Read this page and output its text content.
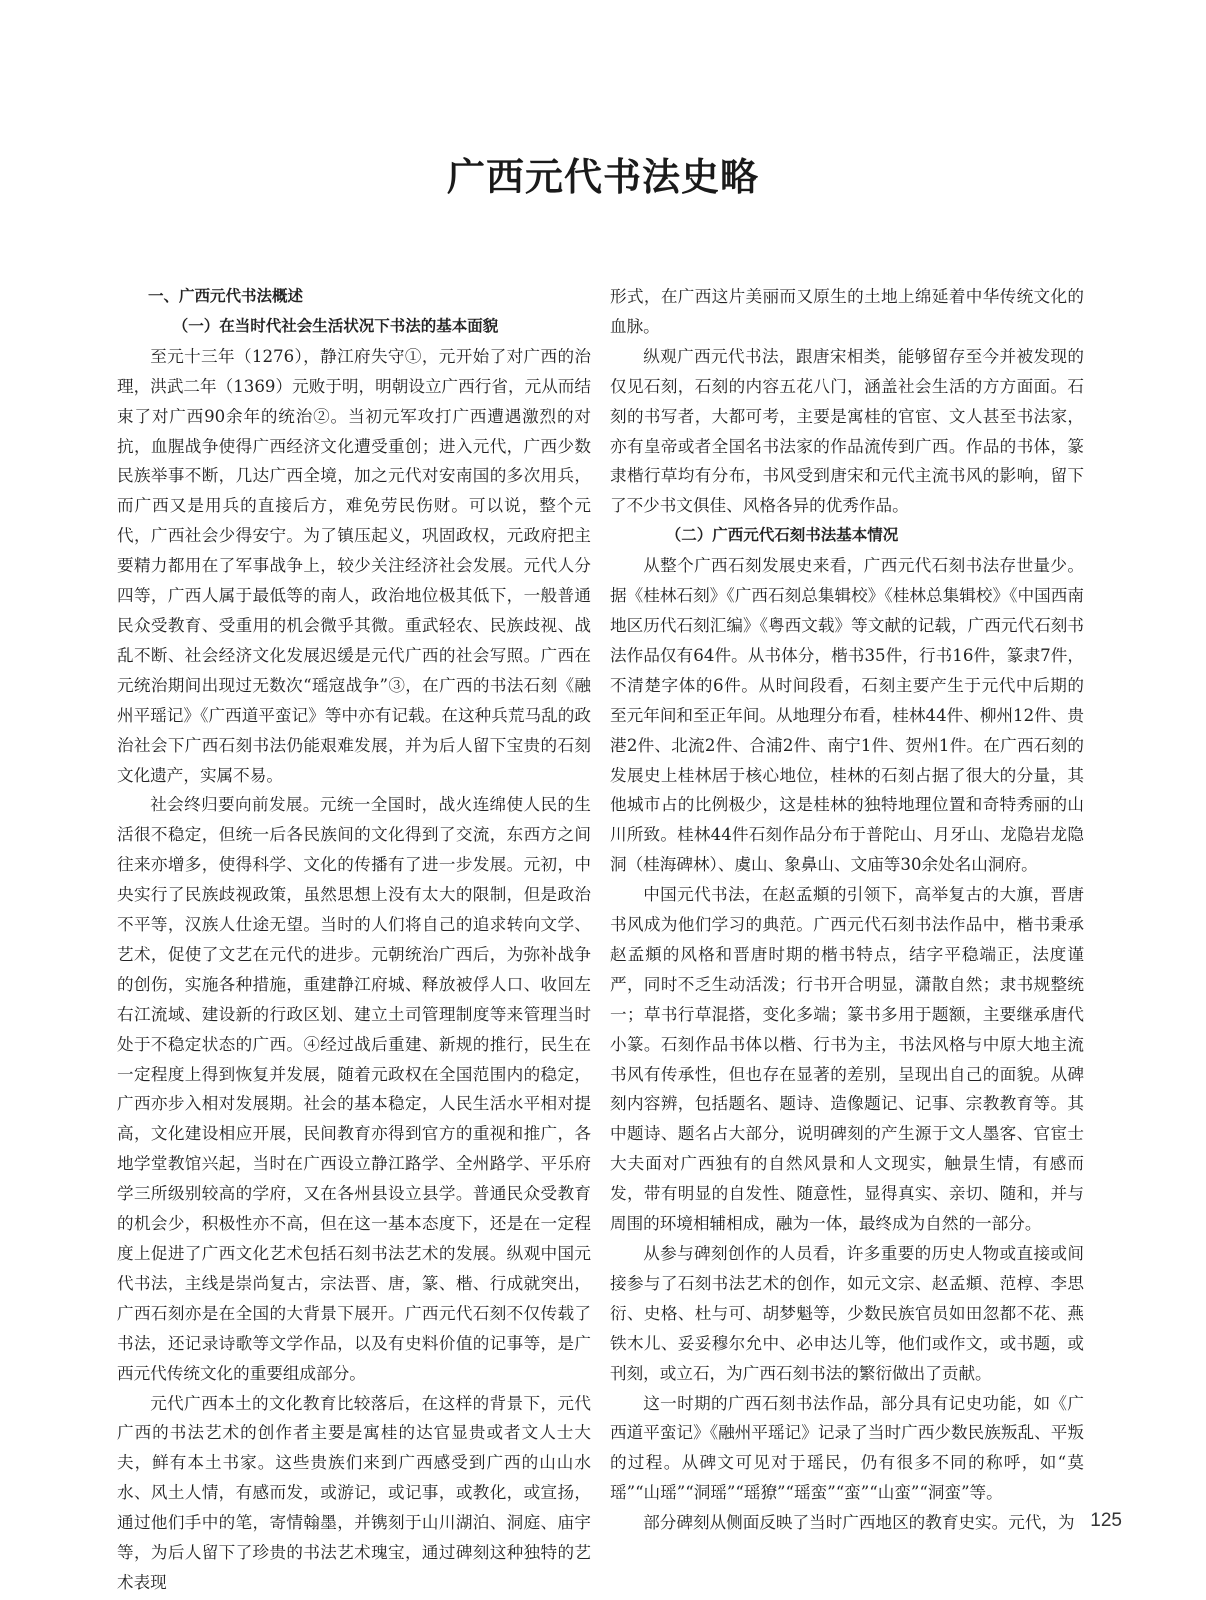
广西元代书法史略

一、广西元代书法概述

（一）在当时代社会生活状况下书法的基本面貌

至元十三年（1276），静江府失守①，元开始了对广西的治理，洪武二年（1369）元败于明，明朝设立广西行省，元从而结束了对广西90余年的统治②。当初元军攻打广西遭遇激烈的对抗，血腥战争使得广西经济文化遭受重创；进入元代，广西少数民族举事不断，几达广西全境，加之元代对安南国的多次用兵，而广西又是用兵的直接后方，难免劳民伤财。可以说，整个元代，广西社会少得安宁。为了镇压起义，巩固政权，元政府把主要精力都用在了军事战争上，较少关注经济社会发展。元代人分四等，广西人属于最低等的南人，政治地位极其低下，一般普通民众受教育、受重用的机会微乎其微。重武轻农、民族歧视、战乱不断、社会经济文化发展迟缓是元代广西的社会写照。广西在元统治期间出现过无数次“瑶寇战争”③，在广西的书法石刻《融州平瑶记》《广西道平蛮记》等中亦有记载。在这种兵荒马乱的政治社会下广西石刻书法仍能艰难发展，并为后人留下宝贵的石刻文化遗产，实属不易。

社会终归要向前发展。元统一全国时，战火连绵使人民的生活很不稳定，但统一后各民族间的文化得到了交流，东西方之间往来亦增多，使得科学、文化的传播有了进一步发展。元初，中央实行了民族歧视政策，虽然思想上没有太大的限制，但是政治不平等，汉族人仕途无望。当时的人们将自己的追求转向文学、艺术，促使了文艺在元代的进步。元朝统治广西后，为弥补战争的创伤，实施各种措施，重建静江府城、释放被俘人口、收回左右江流域、建设新的行政区划、建立土司管理制度等来管理当时处于不稳定状态的广西。④经过战后重建、新规的推行，民生在一定程度上得到恢复并发展，随着元政权在全国范围内的稳定，广西亦步入相对发展期。社会的基本稳定，人民生活水平相对提高，文化建设相应开展，民间教育亦得到官方的重视和推广，各地学堂教馆兴起，当时在广西设立静江路学、全州路学、平乐府学三所级别较高的学府，又在各州县设立县学。普通民众受教育的机会少，积极性亦不高，但在这一基本态度下，还是在一定程度上促进了广西文化艺术包括石刻书法艺术的发展。纵观中国元代书法，主线是崇尚复古，宗法晋、唐，篆、楷、行成就突出，广西石刻亦是在全国的大背景下展开。广西元代石刻不仅传载了书法，还记录诗歌等文学作品，以及有史料价值的记事等，是广西元代传统文化的重要组成部分。

元代广西本土的文化教育比较落后，在这样的背景下，元代广西的书法艺术的创作者主要是寓桂的达官显贵或者文人士大夫，鲜有本土书家。这些贵族们来到广西感受到广西的山山水水、风土人情，有感而发，或游记，或记事，或教化，或宣扬，通过他们手中的笔，寄情翰墨，并镌刻于山川湖泊、洞庭、庙宇等，为后人留下了珍贵的书法艺术瑰宝，通过碑刻这种独特的艺术表现

形式，在广西这片美丽而又原生的土地上绵延着中华传统文化的血脉。

纵观广西元代书法，跟唐宋相类，能够留存至今并被发现的仅见石刻，石刻的内容五花八门，涵盖社会生活的方方面面。石刻的书写者，大都可考，主要是寓桂的官宦、文人甚至书法家，亦有皇帝或者全国名书法家的作品流传到广西。作品的书体，篆隶楷行草均有分布，书风受到唐宋和元代主流书风的影响，留下了不少书文俱佳、风格各异的优秀作品。

（二）广西元代石刻书法基本情况

从整个广西石刻发展史来看，广西元代石刻书法存世量少。据《桂林石刻》《广西石刻总集辑校》《桂林总集辑校》《中国西南地区历代石刻汇编》《粤西文载》等文献的记载，广西元代石刻书法作品仅有64件。从书体分，楷书35件，行书16件，篆隶7件，不清楚字体的6件。从时间段看，石刻主要产生于元代中后期的至元年间和至正年间。从地理分布看，桂林44件、柳州12件、贵港2件、北流2件、合浦2件、南宁1件、贺州1件。在广西石刻的发展史上桂林居于核心地位，桂林的石刻占据了很大的分量，其他城市占的比例极少，这是桂林的独特地理位置和奇特秀丽的山川所致。桂林44件石刻作品分布于普陀山、月牙山、龙隐岩龙隐洞（桂海碑林）、虞山、象鼻山、文庙等30余处名山洞府。

中国元代书法，在赵孟頫的引领下，高举复古的大旗，晋唐书风成为他们学习的典范。广西元代石刻书法作品中，楷书秉承赵孟頫的风格和晋唐时期的楷书特点，结字平稳端正，法度谨严，同时不乏生动活泼；行书开合明显，潇散自然；隶书规整统一；草书行草混搭，变化多端；篆书多用于题额，主要继承唐代小篆。石刻作品书体以楷、行书为主，书法风格与中原大地主流书风有传承性，但也存在显著的差别，呈现出自己的面貌。从碑刻内容辨，包括题名、题诗、造像题记、记事、宗教教育等。其中题诗、题名占大部分，说明碑刻的产生源于文人墨客、官宦士大夫面对广西独有的自然风景和人文现实，触景生情，有感而发，带有明显的自发性、随意性，显得真实、亲切、随和，并与周围的环境相辅相成，融为一体，最终成为自然的一部分。

从参与碑刻创作的人员看，许多重要的历史人物或直接或间接参与了石刻书法艺术的创作，如元文宗、赵孟頫、范椁、李思衍、史格、杜与可、胡梦魁等，少数民族官员如田忽都不花、燕铁木儿、妥妥穆尔允中、必申达儿等，他们或作文，或书题，或刊刻，或立石，为广西石刻书法的繁衍做出了贡献。

这一时期的广西石刻书法作品，部分具有记史功能，如《广西道平蛮记》《融州平瑶记》记录了当时广西少数民族叛乱、平叛的过程。从碑文可见对于瑶民，仍有很多不同的称呼，如“莫瑶”“山瑶”“洞瑶”“瑶獠”“瑶蛮”“蛮”“山蛮”“洞蛮”等。

部分碑刻从侧面反映了当时广西地区的教育史实。元代，为 125
